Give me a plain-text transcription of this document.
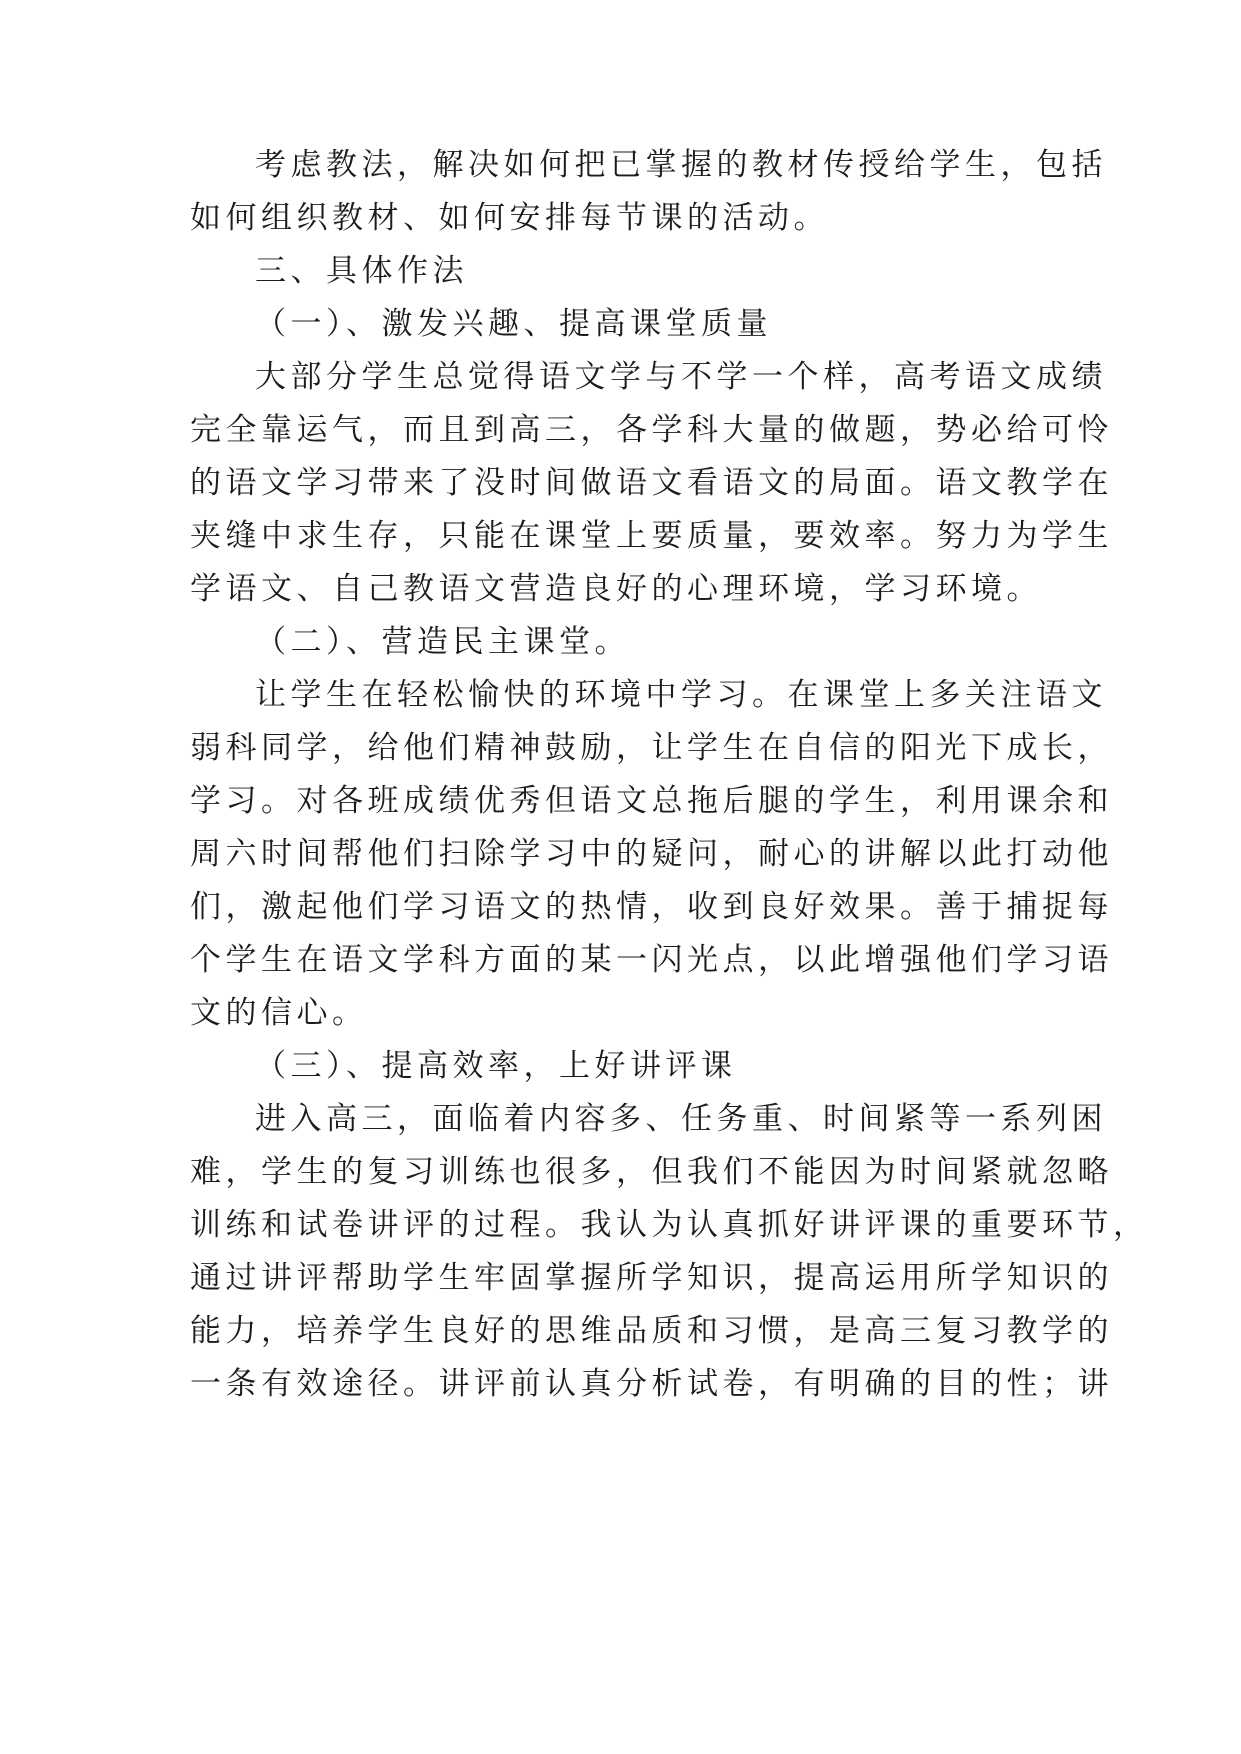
考虑教法，解决如何把已掌握的教材传授给学生，包括
如何组织教材、如何安排每节课的活动。
三、具体作法
（一）、激发兴趣、提高课堂质量
大部分学生总觉得语文学与不学一个样，高考语文成绩
完全靠运气，而且到高三，各学科大量的做题，势必给可怜
的语文学习带来了没时间做语文看语文的局面。语文教学在
夹缝中求生存，只能在课堂上要质量，要效率。努力为学生
学语文、自己教语文营造良好的心理环境，学习环境。
（二）、营造民主课堂。
让学生在轻松愉快的环境中学习。在课堂上多关注语文
弱科同学，给他们精神鼓励，让学生在自信的阳光下成长，
学习。对各班成绩优秀但语文总拖后腿的学生，利用课余和
周六时间帮他们扫除学习中的疑问，耐心的讲解以此打动他
们，激起他们学习语文的热情，收到良好效果。善于捕捉每
个学生在语文学科方面的某一闪光点，以此增强他们学习语
文的信心。
（三）、提高效率，上好讲评课
进入高三，面临着内容多、任务重、时间紧等一系列困
难，学生的复习训练也很多，但我们不能因为时间紧就忽略
训练和试卷讲评的过程。我认为认真抓好讲评课的重要环节，
通过讲评帮助学生牢固掌握所学知识，提高运用所学知识的
能力，培养学生良好的思维品质和习惯，是高三复习教学的
一条有效途径。讲评前认真分析试卷，有明确的目的性；讲
